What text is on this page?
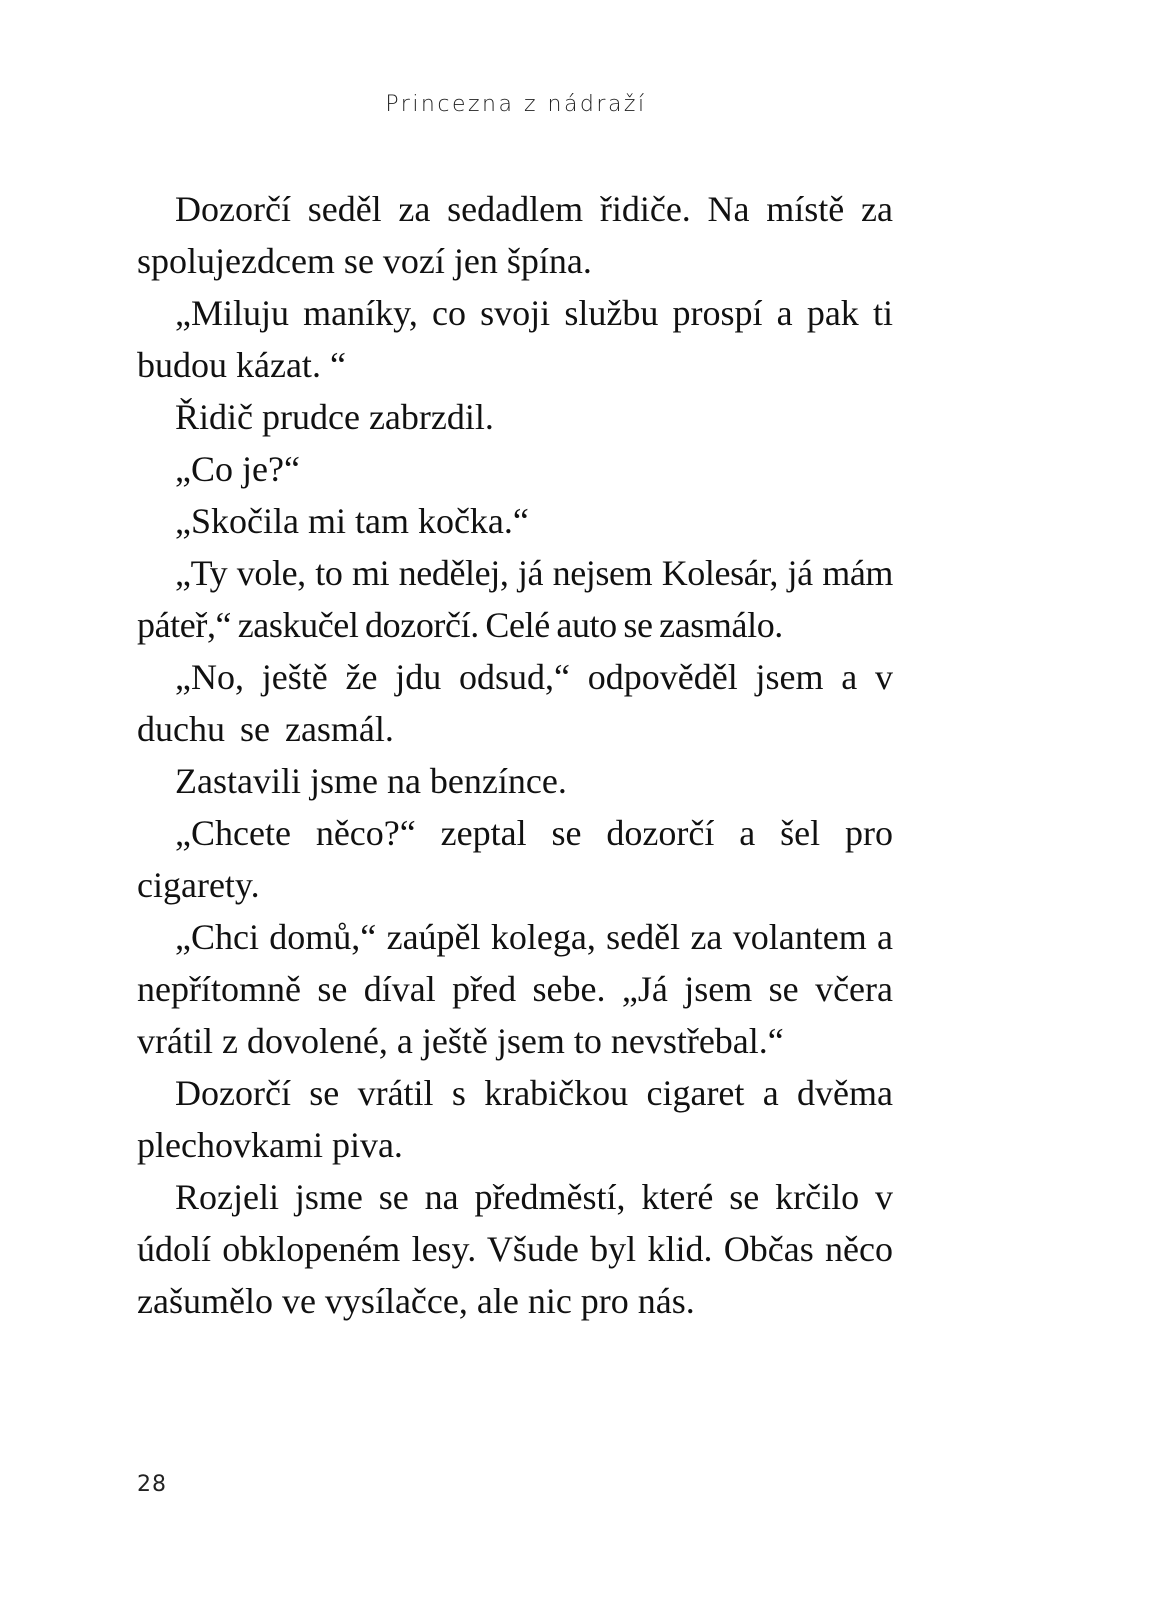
Princezna z nádraží

Dozorčí seděl za sedadlem řidiče. Na místě za spolujezdcem se vozí jen špína.

„Miluju maníky, co svoji službu prospí a pak ti budou kázat. “

Řidič prudce zabrzdil.

„Co je?“

„Skočila mi tam kočka.“

„Ty vole, to mi nedělej, já nejsem Kolesár, já mám páteř,“ zaskučel dozorčí. Celé auto se zasmálo.

„No, ještě že jdu odsud,“ odpověděl jsem a v duchu se zasmál.

Zastavili jsme na benzínce.

„Chcete něco?“ zeptal se dozorčí a šel pro cigarety.

„Chci domů,“ zaúpěl kolega, seděl za volantem a nepřítomně se díval před sebe. „Já jsem se včera vrátil z dovolené, a ještě jsem to nevstřebal.“

Dozorčí se vrátil s krabičkou cigaret a dvěma plechovkami piva.

Rozjeli jsme se na předměstí, které se krčilo v údolí obklopeném lesy. Všude byl klid. Občas něco zašumělo ve vysílačce, ale nic pro nás.

28
